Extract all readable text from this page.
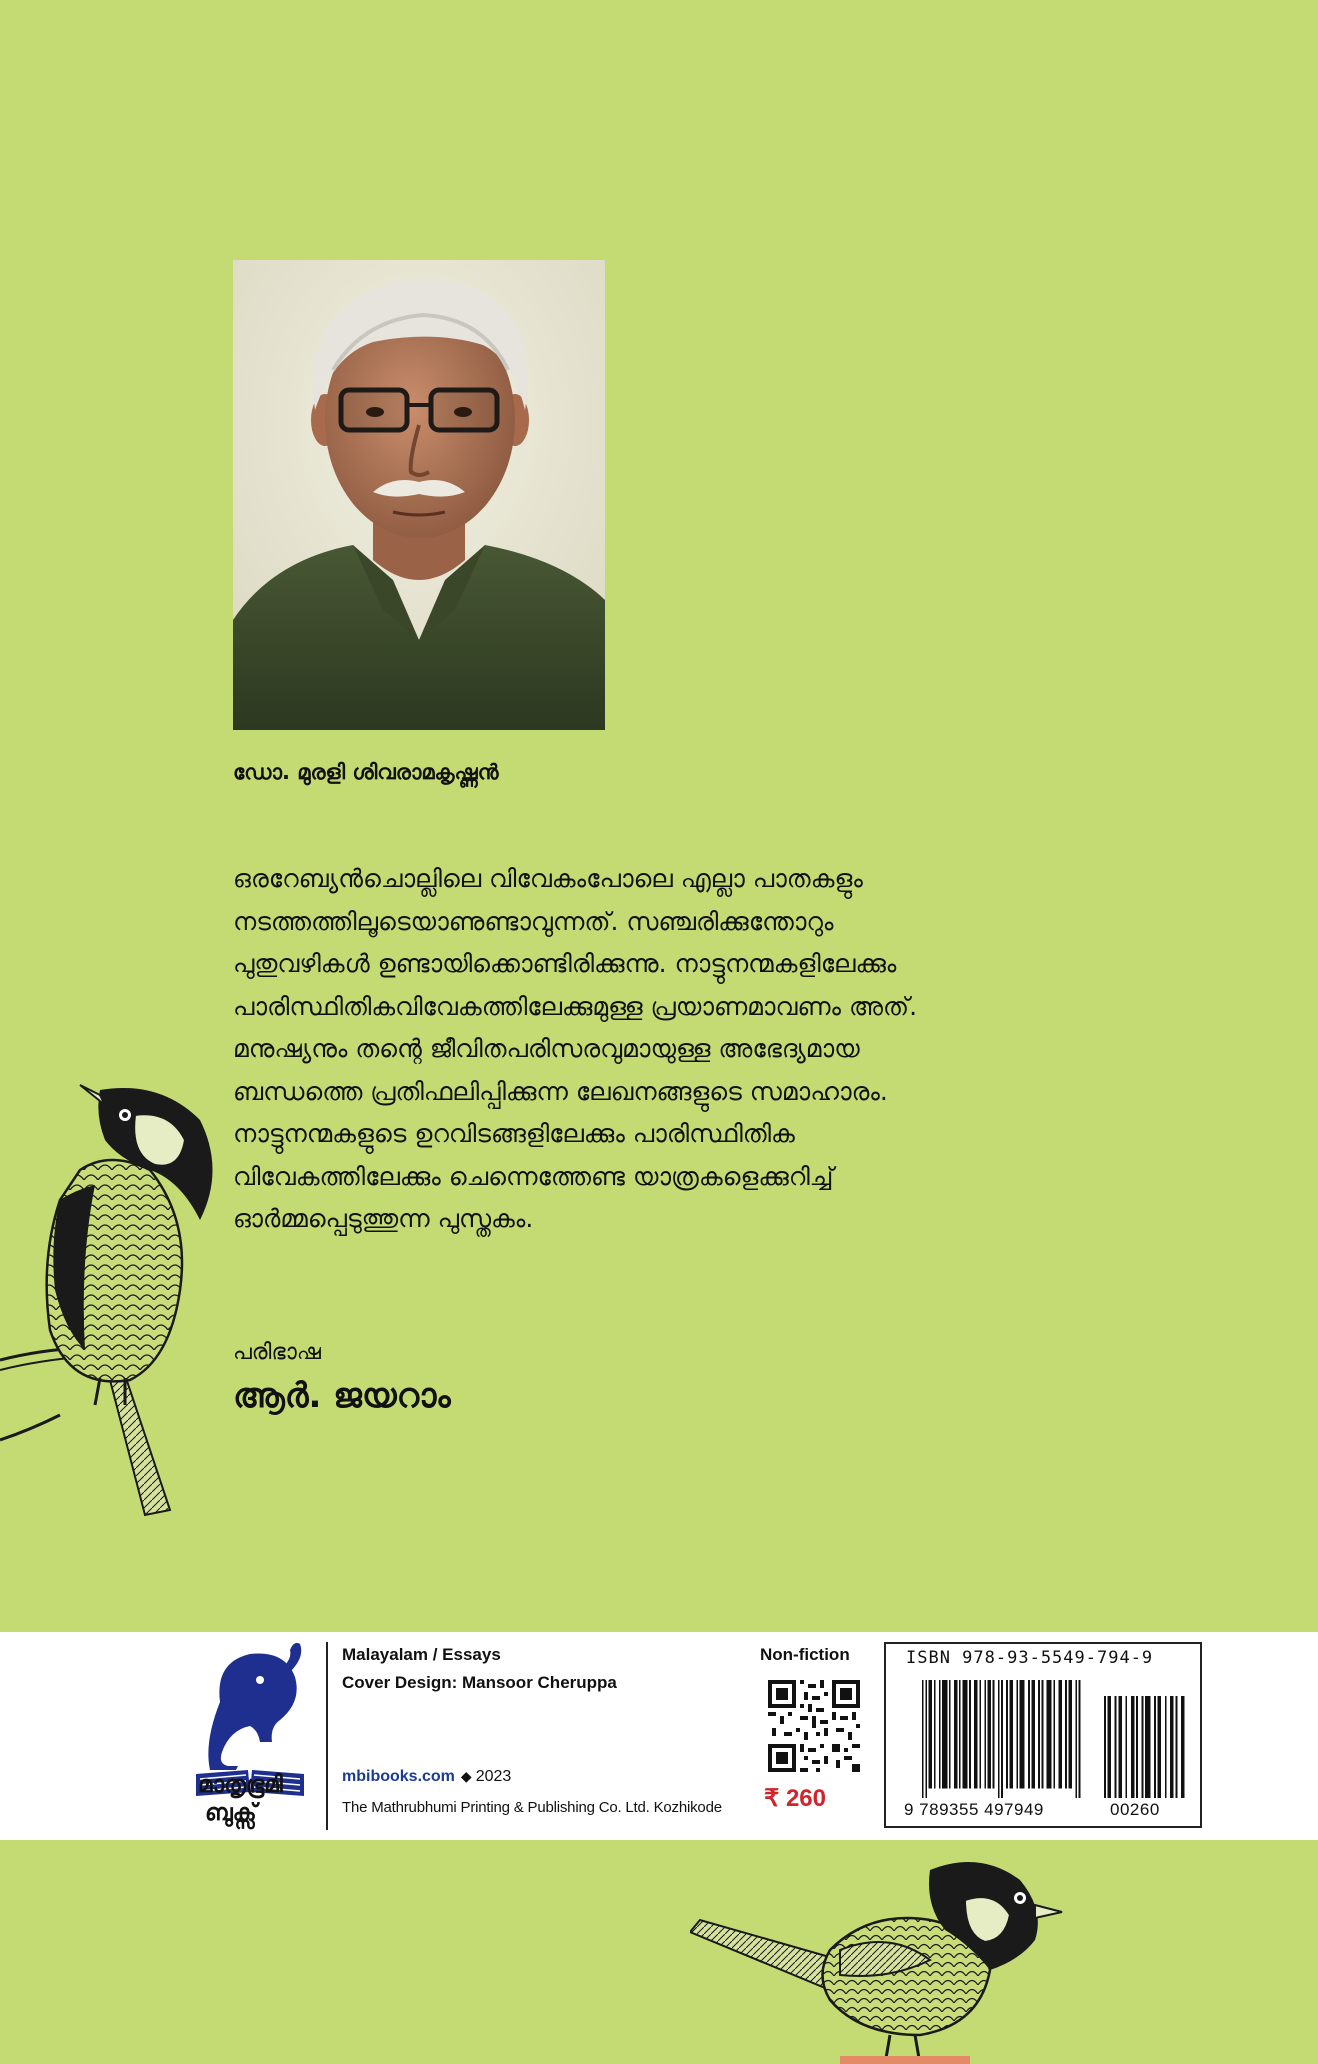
ഡോ. മുരളി ശിവരാമകൃഷ്ണൻ
ഒരറേബ്യൻചൊല്ലിലെ വിവേകംപോലെ എല്ലാ പാതകളും
നടത്തത്തിലൂടെയാണുണ്ടാവുന്നത്. സഞ്ചരിക്കുന്തോറും
പുതുവഴികൾ ഉണ്ടായിക്കൊണ്ടിരിക്കുന്നു. നാട്ടുനന്മകളിലേക്കും
പാരിസ്ഥിതികവിവേകത്തിലേക്കുമുള്ള പ്രയാണമാവണം അത്.
മനുഷ്യനും തന്റെ ജീവിതപരിസരവുമായുള്ള അഭേദ്യമായ
ബന്ധത്തെ പ്രതിഫലിപ്പിക്കുന്ന ലേഖനങ്ങളുടെ സമാഹാരം.
നാട്ടുനന്മകളുടെ ഉറവിടങ്ങളിലേക്കും പാരിസ്ഥിതിക
വിവേകത്തിലേക്കും ചെന്നെത്തേണ്ട യാത്രകളെക്കുറിച്ച്
ഓർമ്മപ്പെടുത്തുന്ന പുസ്തകം.
പരിഭാഷ
ആർ. ജയറാം
മാതൃഭൂമി
ബുക്സ്
Malayalam / Essays
Cover Design: Mansoor Cheruppa
mbibooks.com ◆ 2023
The Mathrubhumi Printing & Publishing Co. Ltd. Kozhikode
Non-fiction
₹ 260
ISBN 978-93-5549-794-9
9 789355 497949	00260
